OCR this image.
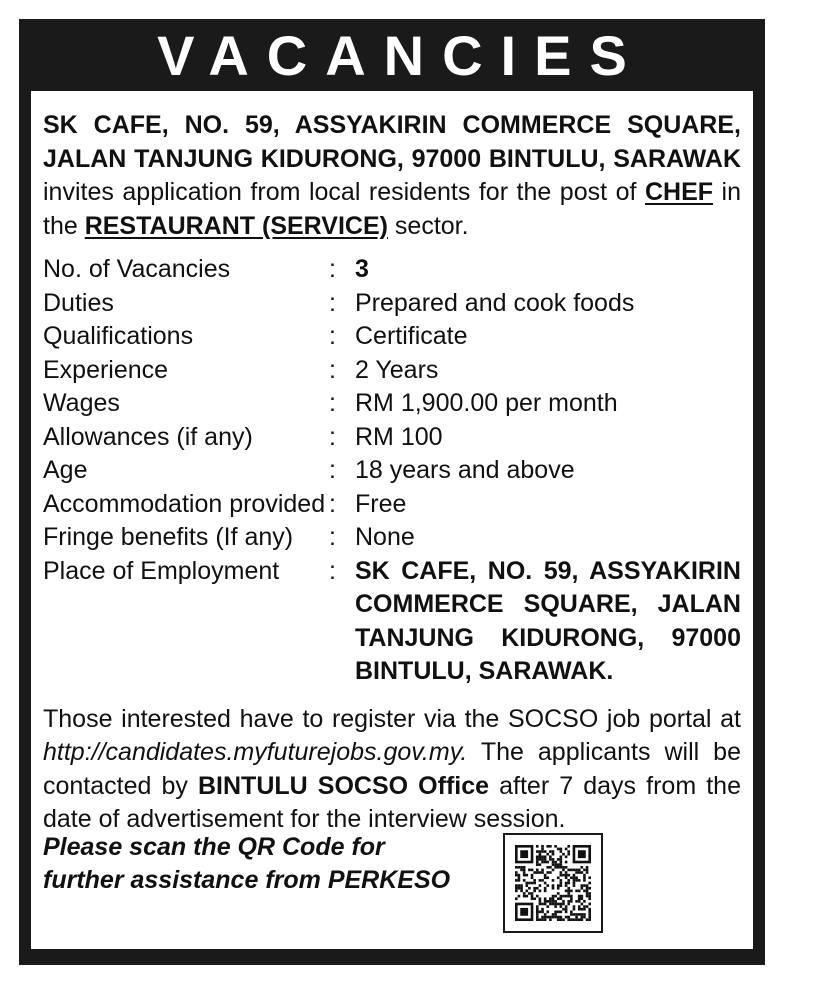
VACANCIES

SK CAFE, NO. 59, ASSYAKIRIN COMMERCE SQUARE, JALAN TANJUNG KIDURONG, 97000 BINTULU, SARAWAK invites application from local residents for the post of CHEF in the RESTAURANT (SERVICE) sector.

No. of Vacancies	:	3
Duties	:	Prepared and cook foods
Qualifications	:	Certificate
Experience	:	2 Years
Wages	:	RM 1,900.00 per month
Allowances (if any)	:	RM 100
Age	:	18 years and above
Accommodation provided	:	Free
Fringe benefits (If any)	:	None
Place of Employment	:	SK CAFE, NO. 59, ASSYAKIRIN COMMERCE SQUARE, JALAN TANJUNG KIDURONG, 97000 BINTULU, SARAWAK.

Those interested have to register via the SOCSO job portal at http://candidates.myfuturejobs.gov.my. The applicants will be contacted by BINTULU SOCSO Office after 7 days from the date of advertisement for the interview session.

Please scan the QR Code for further assistance from PERKESO
